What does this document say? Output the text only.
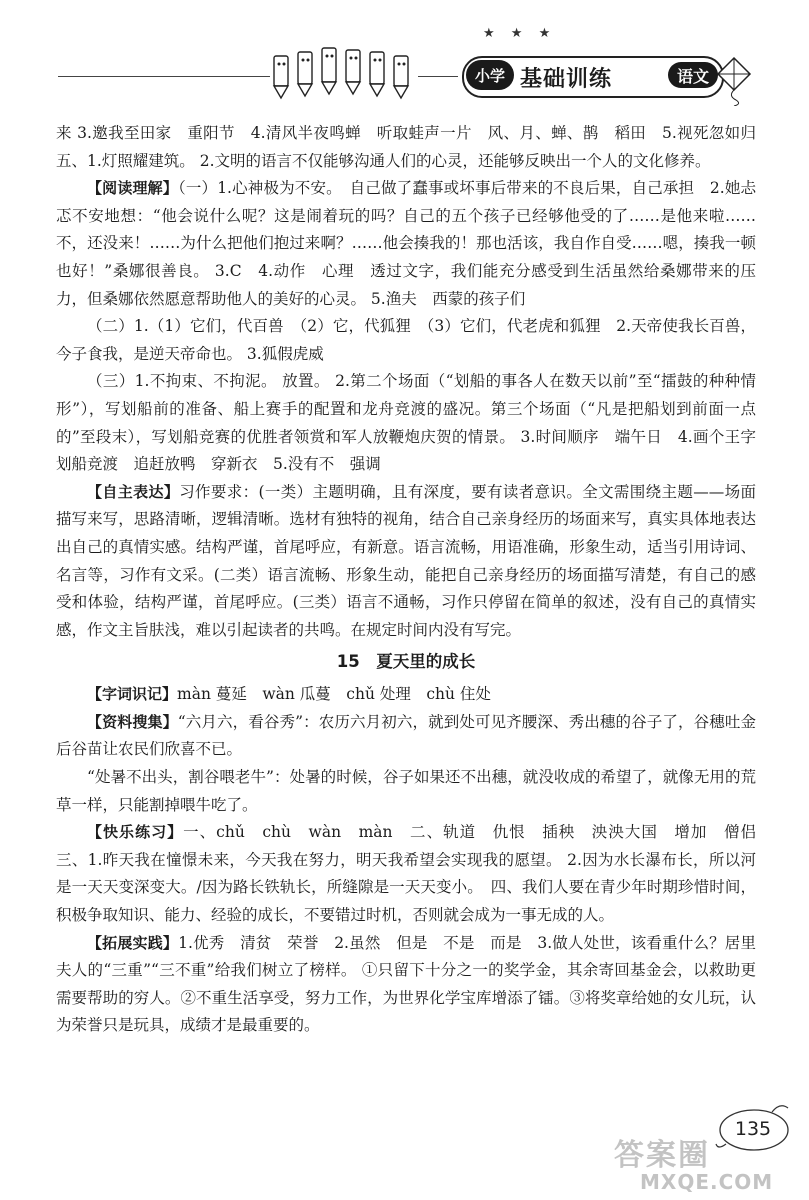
★ ★ ★
小学 基础训练	语文

来 3.邀我至田家　重阳节　4.清风半夜鸣蝉　听取蛙声一片　风、月、蝉、鹊　稻田　5.视死忽如归　五、1.灯照耀建筑。 2.文明的语言不仅能够沟通人们的心灵，还能够反映出一个人的文化修养。

【阅读理解】（一）1.心神极为不安。　自己做了蠢事或坏事后带来的不良后果，自己承担　2.她忐忑不安地想：“他会说什么呢？这是闹着玩的吗？自己的五个孩子已经够他受的了……是他来啦……不，还没来！……为什么把他们抱过来啊？……他会揍我的！那也活该，我自作自受……嗯，揍我一顿也好！”桑娜很善良。 3.C　4.动作　心理　透过文字，我们能充分感受到生活虽然给桑娜带来的压力，但桑娜依然愿意帮助他人的美好的心灵。 5.渔夫　西蒙的孩子们

（二）1.（1）它们，代百兽　（2）它，代狐狸　（3）它们，代老虎和狐狸　2.天帝使我长百兽，今子食我，是逆天帝命也。 3.狐假虎威

（三）1.不拘束、不拘泥。 放置。 2.第二个场面（“划船的事各人在数天以前”至“擂鼓的种种情形”），写划船前的准备、船上赛手的配置和龙舟竞渡的盛况。第三个场面（“凡是把船划到前面一点的”至段末），写划船竞赛的优胜者领赏和军人放鞭炮庆贺的情景。 3.时间顺序　端午日　4.画个王字　划船竞渡　追赶放鸭　穿新衣　5.没有不　强调

【自主表达】习作要求：(一类）主题明确，且有深度，要有读者意识。全文需围绕主题——场面描写来写，思路清晰，逻辑清晰。选材有独特的视角，结合自己亲身经历的场面来写，真实具体地表达出自己的真情实感。结构严谨，首尾呼应，有新意。语言流畅，用语准确，形象生动，适当引用诗词、名言等，习作有文采。(二类）语言流畅、形象生动，能把自己亲身经历的场面描写清楚，有自己的感受和体验，结构严谨，首尾呼应。(三类）语言不通畅，习作只停留在简单的叙述，没有自己的真情实感，作文主旨肤浅，难以引起读者的共鸣。在规定时间内没有写完。

15　 夏天里的成长

【字词识记】màn 蔓延　wàn 瓜蔓　chǔ 处理　chù 住处

【资料搜集】“六月六，看谷秀”：农历六月初六，就到处可见齐腰深、秀出穗的谷子了，谷穗吐金后谷苗让农民们欣喜不已。

“处暑不出头，割谷喂老牛”：处暑的时候，谷子如果还不出穗，就没收成的希望了，就像无用的荒草一样，只能割掉喂牛吃了。

【快乐练习】一、chǔ　chù　wàn　màn　二、轨道　仇恨　插秧　泱泱大国　增加　僧侣　三、1.昨天我在憧憬未来，今天我在努力，明天我希望会实现我的愿望。 2.因为水长瀑布长，所以河是一天天变深变大。/因为路长铁轨长，所缝隙是一天天变小。　四、我们人要在青少年时期珍惜时间，积极争取知识、能力、经验的成长，不要错过时机，否则就会成为一事无成的人。

【拓展实践】1.优秀　清贫　荣誉　2.虽然　但是　不是　而是　3.做人处世，该看重什么？居里夫人的“三重”“三不重”给我们树立了榜样。 ①只留下十分之一的奖学金，其余寄回基金会，以救助更需要帮助的穷人。②不重生活享受，努力工作，为世界化学宝库增添了镭。③将奖章给她的女儿玩，认为荣誉只是玩具，成绩才是最重要的。

135
答案圈
MXQE.COM
